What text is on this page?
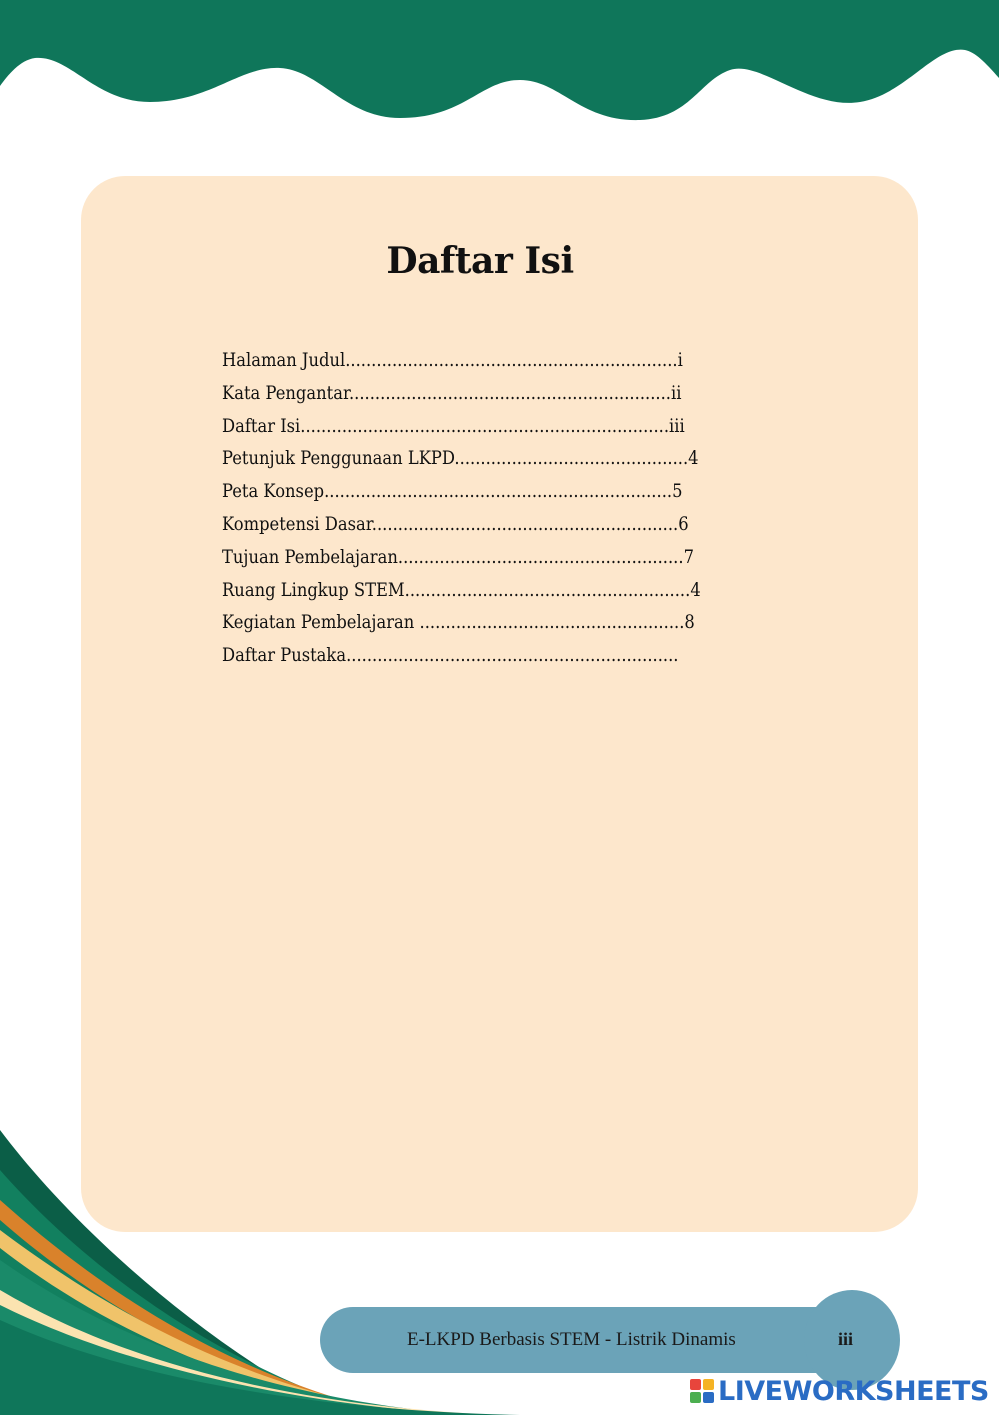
Daftar Isi
Halaman Judul................................................................i
Kata Pengantar..............................................................ii
Daftar Isi.......................................................................iii
Petunjuk Penggunaan LKPD.............................................4
Peta Konsep...................................................................5
Kompetensi Dasar...........................................................6
Tujuan Pembelajaran.......................................................7
Ruang Lingkup STEM.......................................................4
Kegiatan Pembelajaran ...................................................8
Daftar Pustaka................................................................
E-LKPD Berbasis STEM - Listrik Dinamis	iii
LIVEWORKSHEETS
